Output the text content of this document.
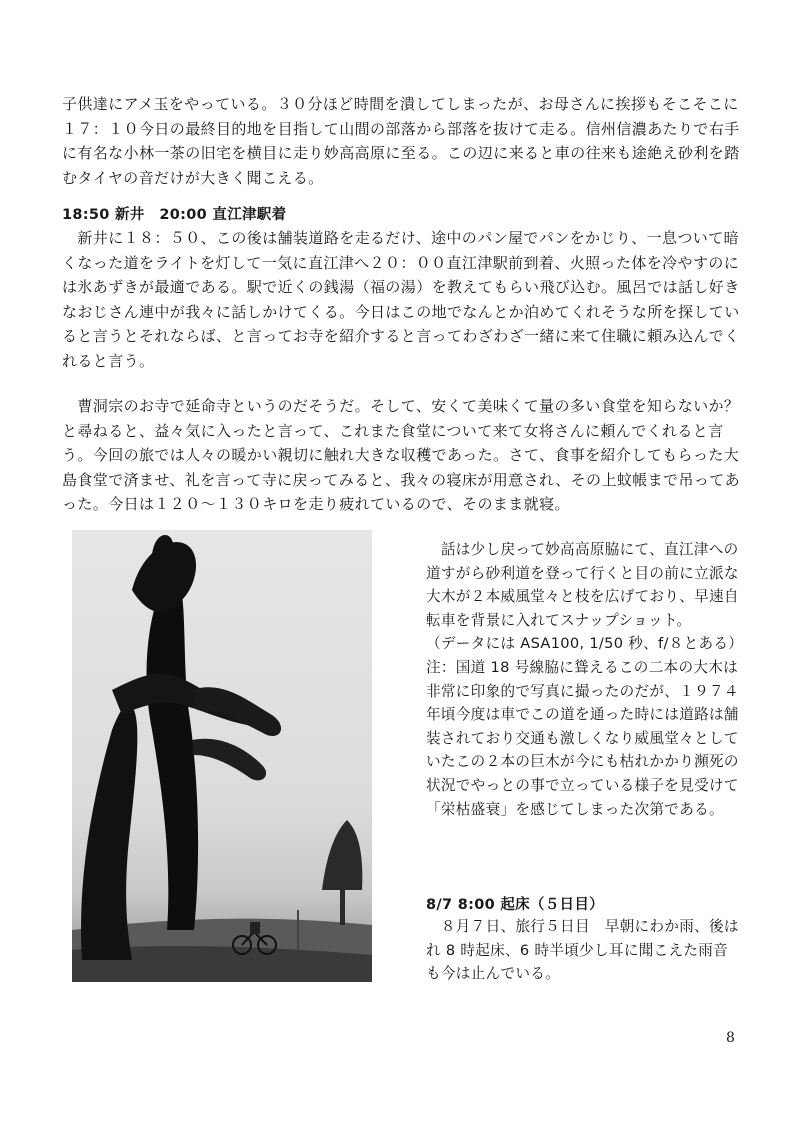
子供達にアメ玉をやっている。３０分ほど時間を潰してしまったが、お母さんに挨拶もそこそこに１７：１０今日の最終目的地を目指して山間の部落から部落を抜けて走る。信州信濃あたりで右手に有名な小林一茶の旧宅を横目に走り妙高高原に至る。この辺に来ると車の往来も途絶え砂利を踏むタイヤの音だけが大きく聞こえる。

18:50 新井　20:00 直江津駅着

　新井に１８：５０、この後は舗装道路を走るだけ、途中のパン屋でパンをかじり、一息ついて暗くなった道をライトを灯して一気に直江津へ２０：００直江津駅前到着、火照った体を冷やすのには氷あずきが最適である。駅で近くの銭湯（福の湯）を教えてもらい飛び込む。風呂では話し好きなおじさん連中が我々に話しかけてくる。今日はこの地でなんとか泊めてくれそうな所を探していると言うとそれならば、と言ってお寺を紹介すると言ってわざわざ一緒に来て住職に頼み込んでくれると言う。

　曹洞宗のお寺で延命寺というのだそうだ。そして、安くて美味くて量の多い食堂を知らないか？と尋ねると、益々気に入ったと言って、これまた食堂について来て女将さんに頼んでくれると言う。今回の旅では人々の暖かい親切に触れ大きな収穫であった。さて、食事を紹介してもらった大島食堂で済ませ、礼を言って寺に戻ってみると、我々の寝床が用意され、その上蚊帳まで吊ってあった。今日は１２０～１３０キロを走り疲れているので、そのまま就寝。

　話は少し戻って妙高高原脇にて、直江津への道すがら砂利道を登って行くと目の前に立派な大木が２本威風堂々と枝を広げており、早速自転車を背景に入れてスナップショット。
（データには ASA100, 1/50 秒、f/８とある）注：国道 18 号線脇に聳えるこの二本の大木は非常に印象的で写真に撮ったのだが、１９７４年頃今度は車でこの道を通った時には道路は舗装されており交通も激しくなり威風堂々としていたこの２本の巨木が今にも枯れかかり瀕死の状況でやっとの事で立っている様子を見受けて「栄枯盛衰」を感じてしまった次第である。

8/7 8:00 起床（５日目）

　８月７日、旅行５日目　早朝にわか雨、後はれ 8 時起床、6 時半頃少し耳に聞こえた雨音も今は止んでいる。

8
